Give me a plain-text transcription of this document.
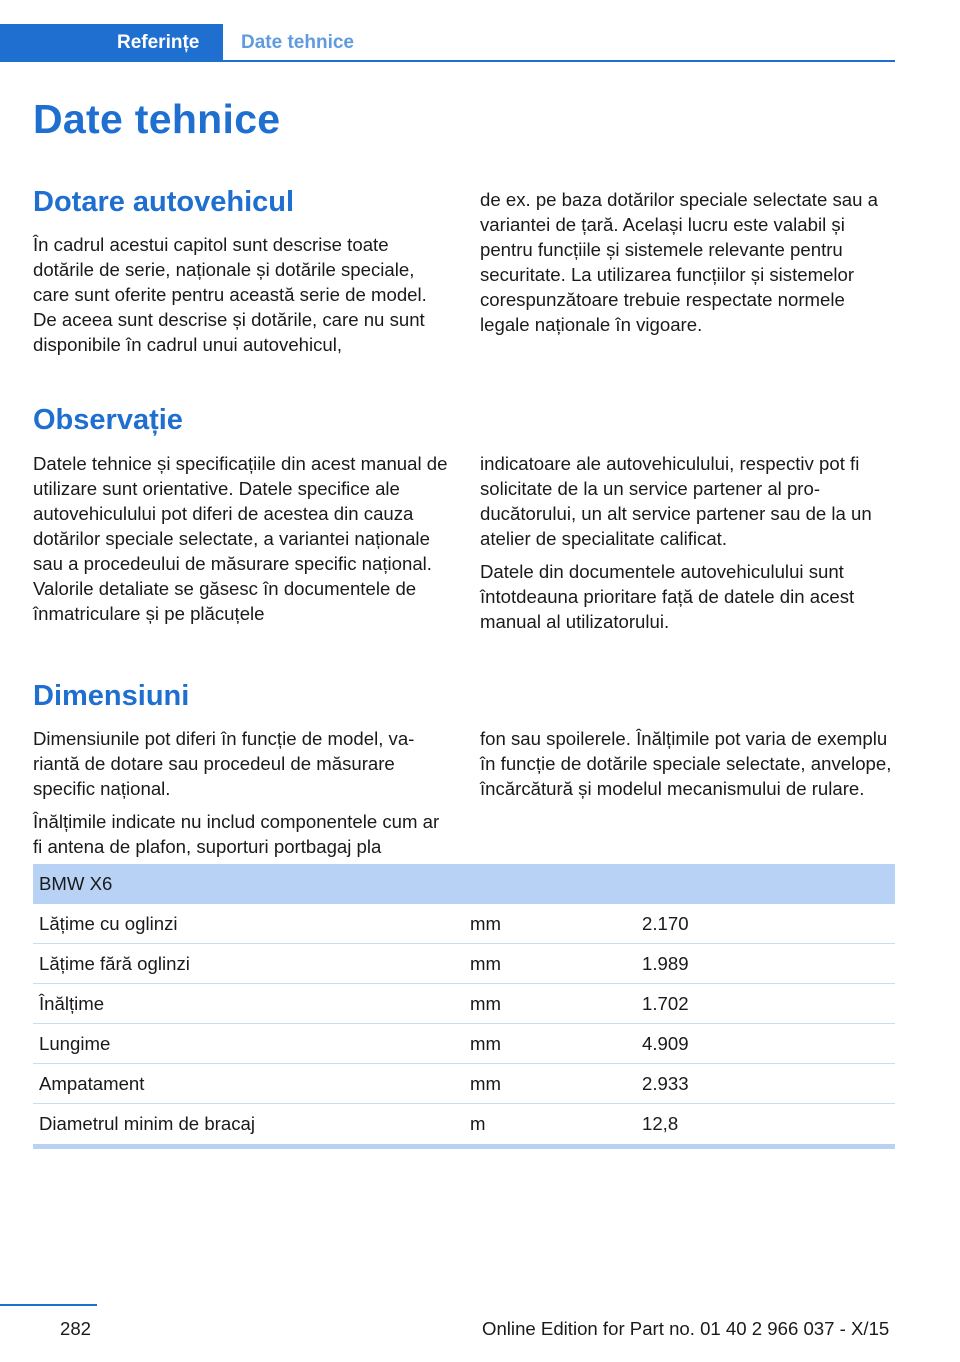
Referințe	Date tehnice
Date tehnice
Dotare autovehicul

În cadrul acestui capitol sunt descrise toate dotările de serie, naționale și dotările speciale, care sunt oferite pentru această serie de model. De aceea sunt descrise și dotările, care nu sunt disponibile în cadrul unui autovehicul,

de ex. pe baza dotărilor speciale selectate sau a variantei de țară. Același lucru este valabil și pentru funcțiile și sistemele relevante pentru securitate. La utilizarea funcțiilor și sistemelor corespunzătoare trebuie respectate normele legale naționale în vigoare.

Observație

Datele tehnice și specificațiile din acest manual de utilizare sunt orientative. Datele specifice ale autovehiculului pot diferi de acestea din cauza dotărilor speciale selectate, a variantei naționale sau a procedeului de măsurare specific național. Valorile detaliate se găsesc în documentele de înmatriculare și pe plăcuțele

indicatoare ale autovehiculului, respectiv pot fi solicitate de la un service partener al producătorului, un alt service partener sau de la un atelier de specialitate calificat.

Datele din documentele autovehiculului sunt întotdeauna prioritare față de datele din acest manual al utilizatorului.

Dimensiuni

Dimensiunile pot diferi în funcție de model, variantă de dotare sau procedeul de măsurare specific național.

Înălțimile indicate nu includ componentele cum ar fi antena de plafon, suporturi portbagaj pla

fon sau spoilerele. Înălțimile pot varia de exemplu în funcție de dotările speciale selectate, anvelope, încărcătură și modelul mecanismului de rulare.

BMW X6		
Lățime cu oglinzi	mm	2.170
Lățime fără oglinzi	mm	1.989
Înălțime	mm	1.702
Lungime	mm	4.909
Ampatament	mm	2.933
Diametrul minim de bracaj	m	12,8
282	Online Edition for Part no. 01 40 2 966 037 - X/15
